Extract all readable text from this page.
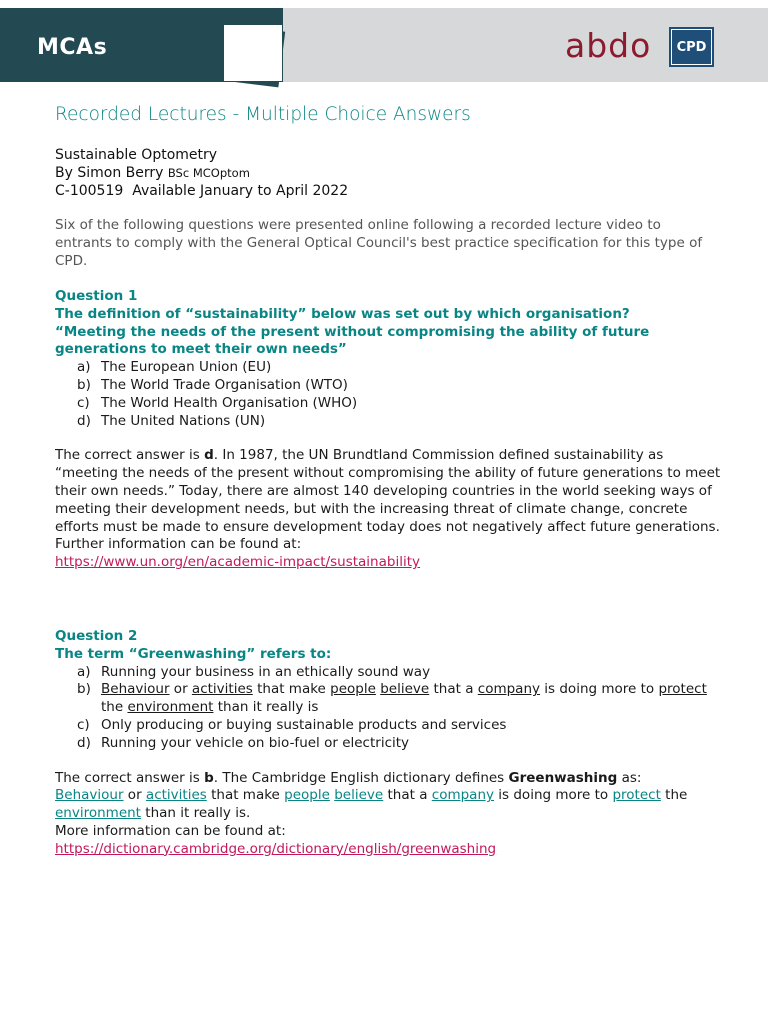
MCAs	abdo	CPD
Recorded Lectures - Multiple Choice Answers
Sustainable Optometry
By Simon Berry BSc MCOptom
C-100519 Available January to April 2022
Six of the following questions were presented online following a recorded lecture video to entrants to comply with the General Optical Council's best practice specification for this type of CPD.
Question 1
The definition of “sustainability” below was set out by which organisation?
“Meeting the needs of the present without compromising the ability of future generations to meet their own needs”
a) The European Union (EU)
b) The World Trade Organisation (WTO)
c) The World Health Organisation (WHO)
d) The United Nations (UN)
The correct answer is d. In 1987, the UN Brundtland Commission defined sustainability as “meeting the needs of the present without compromising the ability of future generations to meet their own needs.” Today, there are almost 140 developing countries in the world seeking ways of meeting their development needs, but with the increasing threat of climate change, concrete efforts must be made to ensure development today does not negatively affect future generations.
Further information can be found at:
https://www.un.org/en/academic-impact/sustainability
Question 2
The term “Greenwashing” refers to:
a) Running your business in an ethically sound way
b) Behaviour or activities that make people believe that a company is doing more to protect the environment than it really is
c) Only producing or buying sustainable products and services
d) Running your vehicle on bio-fuel or electricity
The correct answer is b. The Cambridge English dictionary defines Greenwashing as:
Behaviour or activities that make people believe that a company is doing more to protect the environment than it really is.
More information can be found at:
https://dictionary.cambridge.org/dictionary/english/greenwashing
